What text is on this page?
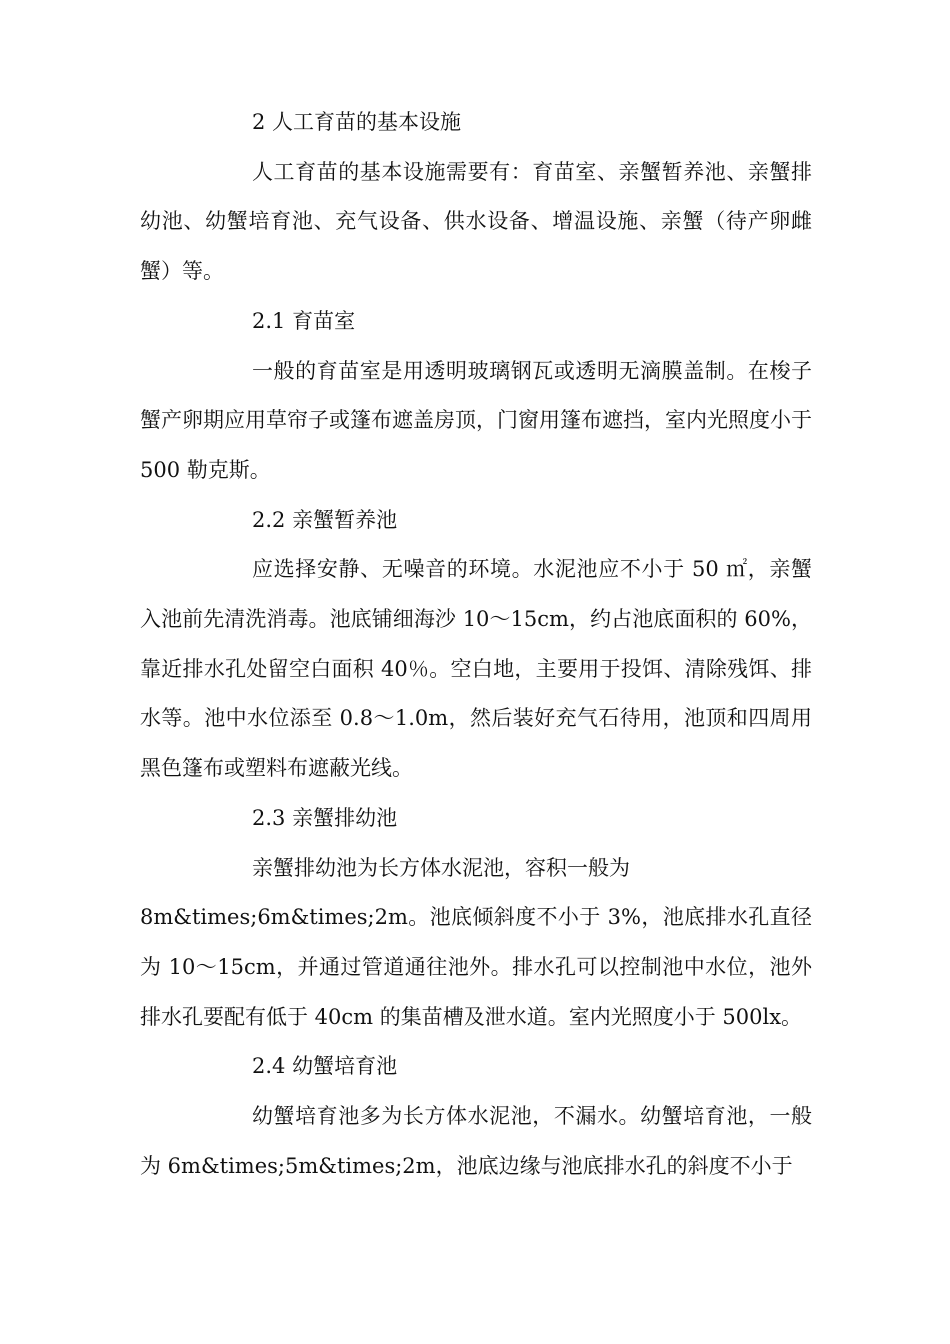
2 人工育苗的基本设施

人工育苗的基本设施需要有：育苗室、亲蟹暂养池、亲蟹排幼池、幼蟹培育池、充气设备、供水设备、增温设施、亲蟹（待产卵雌蟹）等。

2.1 育苗室

一般的育苗室是用透明玻璃钢瓦或透明无滴膜盖制。在梭子蟹产卵期应用草帘子或篷布遮盖房顶，门窗用篷布遮挡，室内光照度小于 500 勒克斯。

2.2 亲蟹暂养池

应选择安静、无噪音的环境。水泥池应不小于 50 ㎡，亲蟹入池前先清洗消毒。池底铺细海沙 10～15cm，约占池底面积的 60%，靠近排水孔处留空白面积 40％。空白地，主要用于投饵、清除残饵、排水等。池中水位添至 0.8～1.0m，然后装好充气石待用，池顶和四周用黑色篷布或塑料布遮蔽光线。

2.3 亲蟹排幼池

亲蟹排幼池为长方体水泥池，容积一般为

8m&times;6m&times;2m。池底倾斜度不小于 3%，池底排水孔直径为 10～15cm，并通过管道通往池外。排水孔可以控制池中水位，池外排水孔要配有低于 40cm 的集苗槽及泄水道。室内光照度小于 500lx。

2.4 幼蟹培育池

幼蟹培育池多为长方体水泥池，不漏水。幼蟹培育池，一般为 6m&times;5m&times;2m，池底边缘与池底排水孔的斜度不小于
